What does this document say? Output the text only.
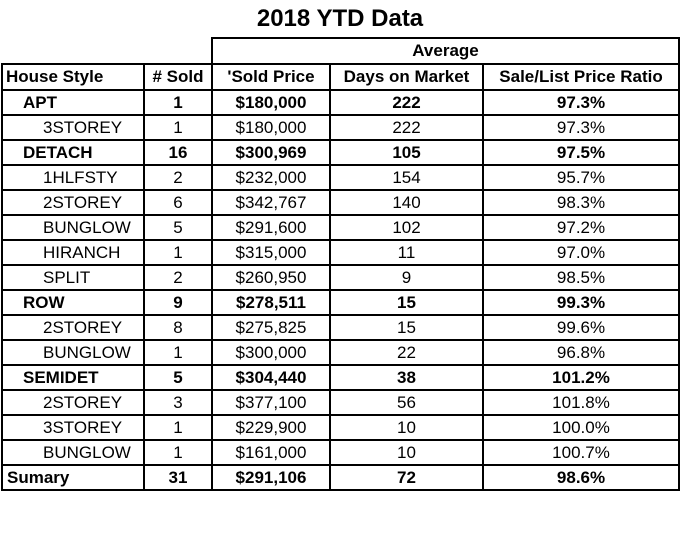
2018 YTD Data
		Average		
House Style	# Sold	'Sold Price	Days on Market	Sale/List Price Ratio
APT	1	$180,000	222	97.3%
3STOREY	1	$180,000	222	97.3%
DETACH	16	$300,969	105	97.5%
1HLFSTY	2	$232,000	154	95.7%
2STOREY	6	$342,767	140	98.3%
BUNGLOW	5	$291,600	102	97.2%
HIRANCH	1	$315,000	11	97.0%
SPLIT	2	$260,950	9	98.5%
ROW	9	$278,511	15	99.3%
2STOREY	8	$275,825	15	99.6%
BUNGLOW	1	$300,000	22	96.8%
SEMIDET	5	$304,440	38	101.2%
2STOREY	3	$377,100	56	101.8%
3STOREY	1	$229,900	10	100.0%
BUNGLOW	1	$161,000	10	100.7%
Sumary	31	$291,106	72	98.6%
